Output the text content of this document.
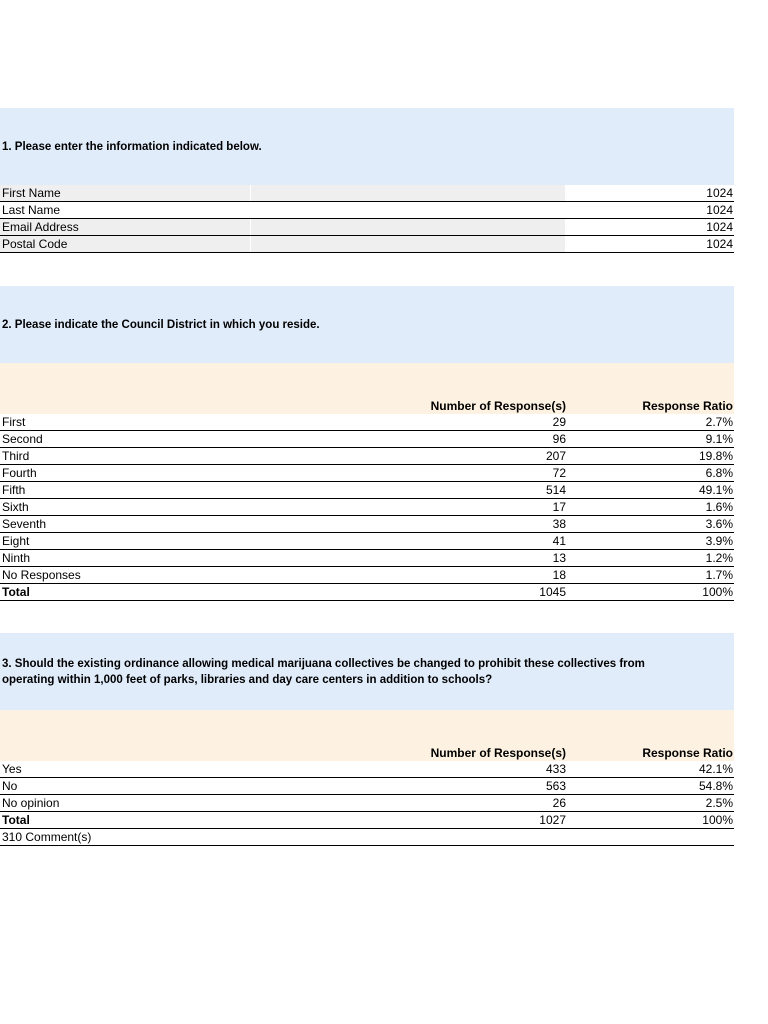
1. Please enter the information indicated below.
First Name	1024
Last Name	1024
Email Address	1024
Postal Code	1024
2. Please indicate the Council District in which you reside.
Number of Response(s)	Response Ratio
First	29	2.7%
Second	96	9.1%
Third	207	19.8%
Fourth	72	6.8%
Fifth	514	49.1%
Sixth	17	1.6%
Seventh	38	3.6%
Eight	41	3.9%
Ninth	13	1.2%
No Responses	18	1.7%
Total	1045	100%
3. Should the existing ordinance allowing medical marijuana collectives be changed to prohibit these collectives from
operating within 1,000 feet of parks, libraries and day care centers in addition to schools?
Number of Response(s)	Response Ratio
Yes	433	42.1%
No	563	54.8%
No opinion	26	2.5%
Total	1027	100%
310 Comment(s)
